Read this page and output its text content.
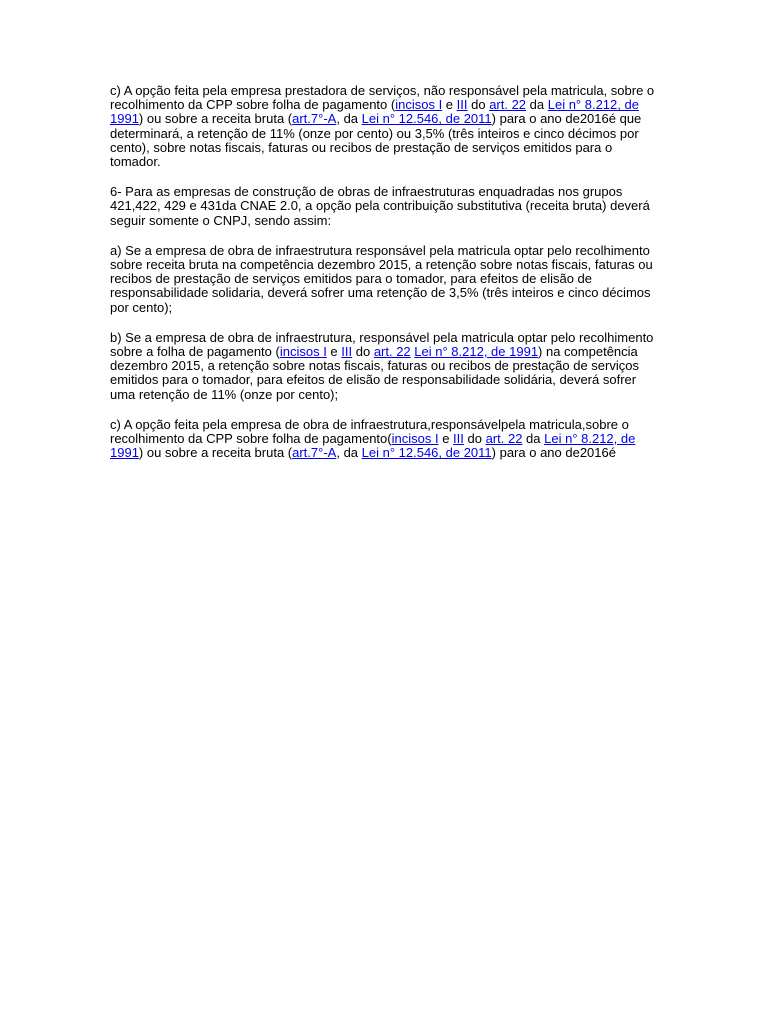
c) A opção feita pela empresa prestadora de serviços, não responsável pela matricula, sobre o recolhimento da CPP sobre folha de pagamento (incisos I e III do art. 22 da Lei n° 8.212, de 1991) ou sobre a receita bruta (art.7°-A, da Lei n° 12.546, de 2011) para o ano de2016é que determinará, a retenção de 11% (onze por cento) ou 3,5% (três inteiros e cinco décimos por cento), sobre notas fiscais, faturas ou recibos de prestação de serviços emitidos para o tomador.

6- Para as empresas de construção de obras de infraestruturas enquadradas nos grupos 421,422, 429 e 431da CNAE 2.0, a opção pela contribuição substitutiva (receita bruta) deverá seguir somente o CNPJ, sendo assim:

a) Se a empresa de obra de infraestrutura responsável pela matricula optar pelo recolhimento sobre receita bruta na competência dezembro 2015, a retenção sobre notas fiscais, faturas ou recibos de prestação de serviços emitidos para o tomador, para efeitos de elisão de responsabilidade solidaria, deverá sofrer uma retenção de 3,5% (três inteiros e cinco décimos por cento);

b) Se a empresa de obra de infraestrutura, responsável pela matricula optar pelo recolhimento sobre a folha de pagamento (incisos I e III do art. 22 Lei n° 8.212, de 1991) na competência dezembro 2015, a retenção sobre notas fiscais, faturas ou recibos de prestação de serviços emitidos para o tomador, para efeitos de elisão de responsabilidade solidária, deverá sofrer uma retenção de 11% (onze por cento);

c) A opção feita pela empresa de obra de infraestrutura,responsávelpela matricula,sobre o recolhimento da CPP sobre folha de pagamento(incisos I e III do art. 22 da Lei n° 8.212, de 1991) ou sobre a receita bruta (art.7°-A, da Lei n° 12.546, de 2011) para o ano de2016é
